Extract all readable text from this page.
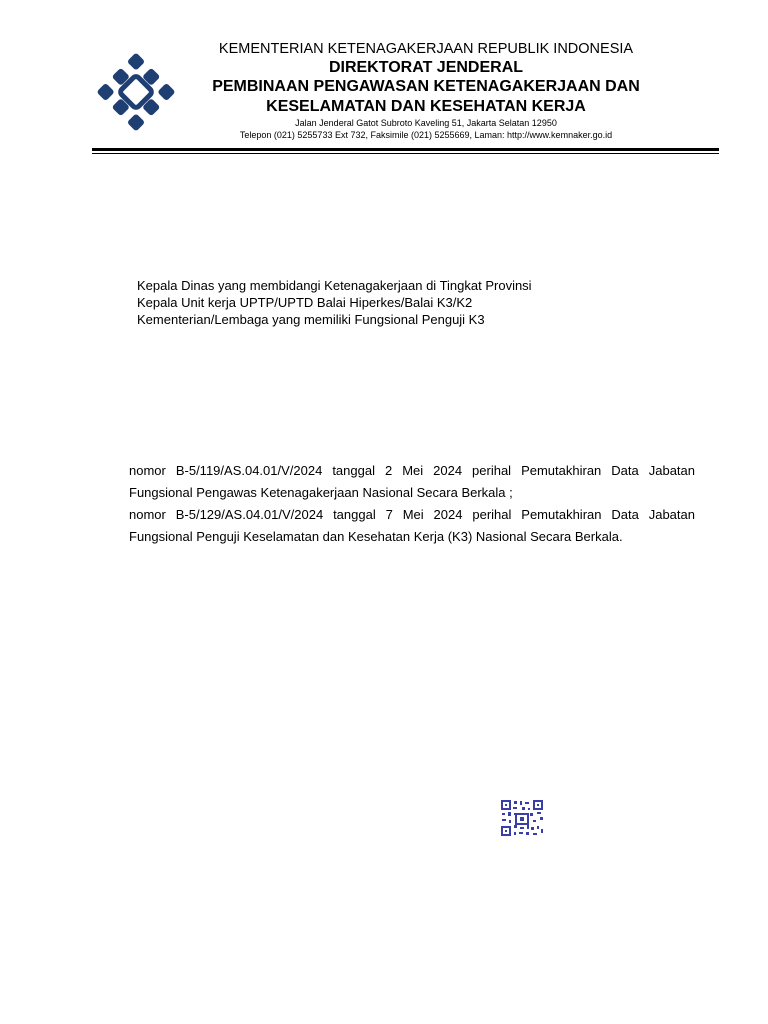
KEMENTERIAN KETENAGAKERJAAN REPUBLIK INDONESIA
DIREKTORAT JENDERAL
PEMBINAAN PENGAWASAN KETENAGAKERJAAN DAN
KESELAMATAN DAN KESEHATAN KERJA
Jalan Jenderal Gatot Subroto Kaveling 51, Jakarta Selatan 12950
Telepon (021) 5255733 Ext 732, Faksimile (021) 5255669, Laman: http://www.kemnaker.go.id
Kepala Dinas yang membidangi Ketenagakerjaan di Tingkat Provinsi
Kepala Unit kerja UPTP/UPTD Balai Hiperkes/Balai K3/K2
Kementerian/Lembaga yang memiliki Fungsional Penguji K3

nomor B-5/119/AS.04.01/V/2024 tanggal 2 Mei 2024 perihal Pemutakhiran Data Jabatan Fungsional Pengawas Ketenagakerjaan Nasional Secara Berkala ;

nomor B-5/129/AS.04.01/V/2024 tanggal 7 Mei 2024 perihal Pemutakhiran Data Jabatan Fungsional Penguji Keselamatan dan Kesehatan Kerja (K3) Nasional Secara Berkala.
